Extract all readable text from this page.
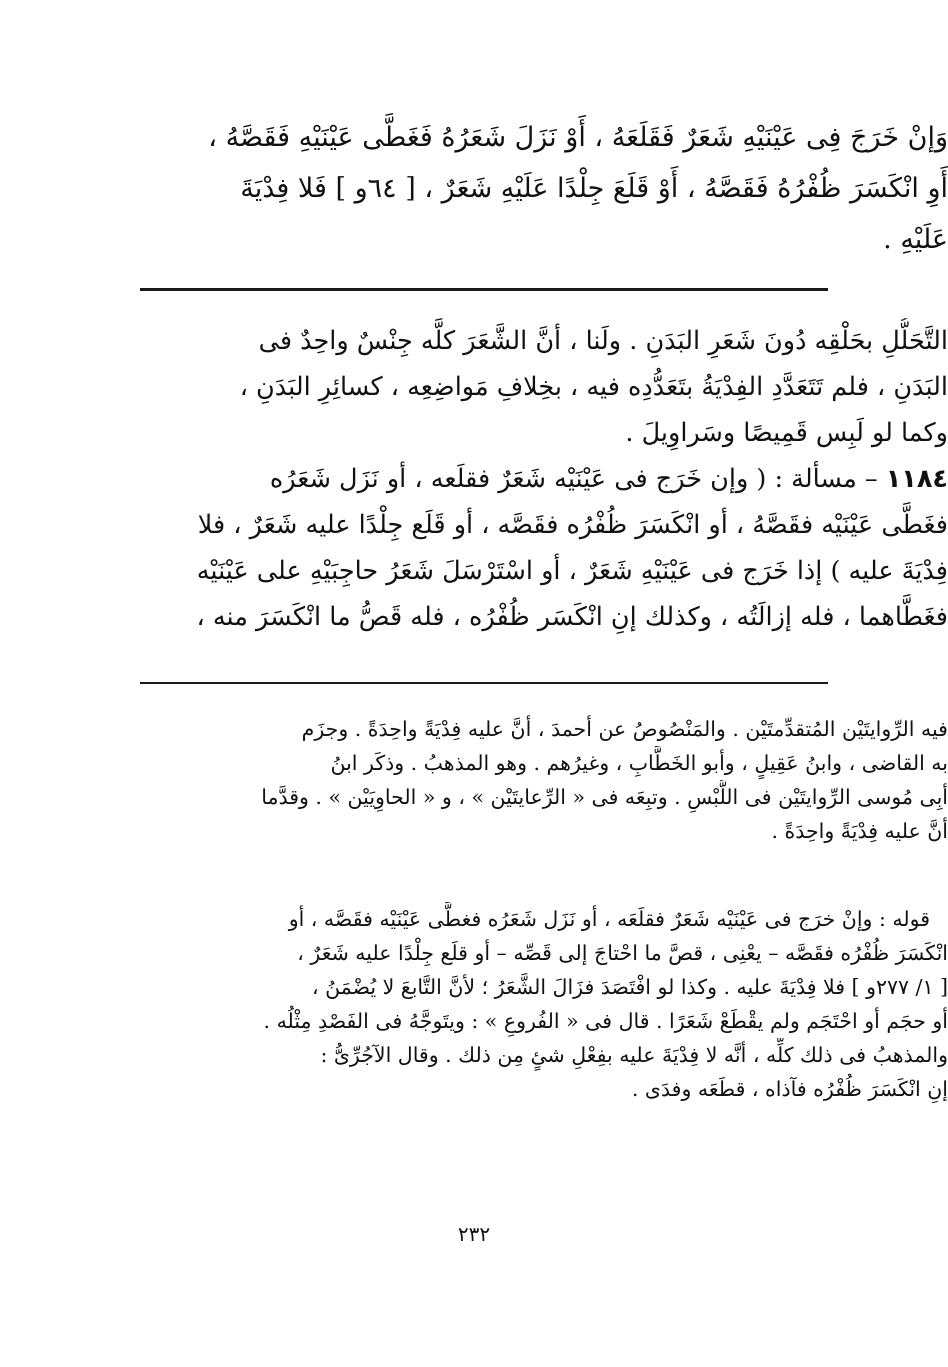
وَإنْ خَرَجَ فِى عَيْنَيْهِ شَعَرٌ فَقَلَعَهُ ، أَوْ نَزَلَ شَعَرُهُ فَغَطَّى عَيْنَيْهِ فَقَصَّهُ ،
أَوِ انْكَسَرَ ظُفْرُهُ فَقَصَّهُ ، أَوْ قَلَعَ جِلْدًا عَلَيْهِ شَعَرٌ ، [ ٦٤و ] فَلا فِدْيَةَ
عَلَيْهِ .
التَّحَلُّلِ بحَلْقِه دُونَ شَعَرِ البَدَنِ . ولَنا ، أنَّ الشَّعَرَ كلَّه جِنْسٌ واحِدٌ فى
البَدَنِ ، فلم تَتَعَدَّدِ الفِدْيَةُ بتَعَدُّدِه فيه ، بخِلافِ مَواضِعِه ، كسائِرِ البَدَنِ ،
وكما لو لَبِس قَمِيصًا وسَراوِيلَ .
١١٨٤ – مسألة : ( وإن خَرَج فى عَيْنَيْه شَعَرٌ فقلَعه ، أو نَزَل شَعَرُه
فغَطَّى عَيْنَيْه فقَصَّهُ ، أو انْكَسَرَ ظُفْرُه فقَصَّه ، أو قَلَع جِلْدًا عليه شَعَرٌ ، فلا
فِدْيَةَ عليه ) إذا خَرَج فى عَيْنَيْهِ شَعَرٌ ، أو اسْتَرْسَلَ شَعَرُ حاجِبَيْهِ على عَيْنَيْه
فغَطَّاهما ، فله إزالَتُه ، وكذلك إنِ انْكَسَر ظُفْرُه ، فله قَصُّ ما انْكَسَرَ منه ،
فيه الرِّوايتَيْن المُتقدِّمتَيْن . والمَنْصُوصُ عن أحمدَ ، أنَّ عليه فِدْيَةً واحِدَةً . وجزَم
به القاضى ، وابنُ عَقِيلٍ ، وأبو الخَطَّابِ ، وغيرُهم . وهو المذهبُ . وذكَر ابنُ
أبِى مُوسى الرِّوايتَيْن فى اللُّبْسِ . وتبِعَه فى « الرِّعايتَيْن » ، و « الحاوِيَيْن » . وقدَّما
أنَّ عليه فِدْيَةً واحِدَةً .
قوله : وإنْ خرَج فى عَيْنَيْه شَعَرٌ فقلَعَه ، أو نَزَل شَعَرُه فغطَّى عَيْنَيْه فقَصَّه ، أو
انْكَسَرَ ظُفْرُه فقَصَّه – يعْنِى ، قصَّ ما احْتاجَ إلى قَصِّه – أو قلَع جِلْدًا عليه شَعَرٌ ،
[ ١/ ٢٧٧و ] فلا فِدْيَةَ عليه . وكذا لو افْتَصَدَ فزَالَ الشَّعَرُ ؛ لأنَّ التَّابعَ لا يُضْمَنُ ،
أو حجَم أو احْتَجَم ولم يقْطَعْ شَعَرًا . قال فى « الفُروعِ » : ويتَوجَّهُ فى الفَصْدِ مِثْلُه .
والمذهبُ فى ذلك كلِّه ، أنَّه لا فِدْيَةَ عليه بفِعْلِ شئٍ مِن ذلك . وقال الآجُرِّىُّ :
إنِ انْكَسَرَ ظُفْرُه فآذاه ، قطَعَه وفدَى .
٢٣٢
